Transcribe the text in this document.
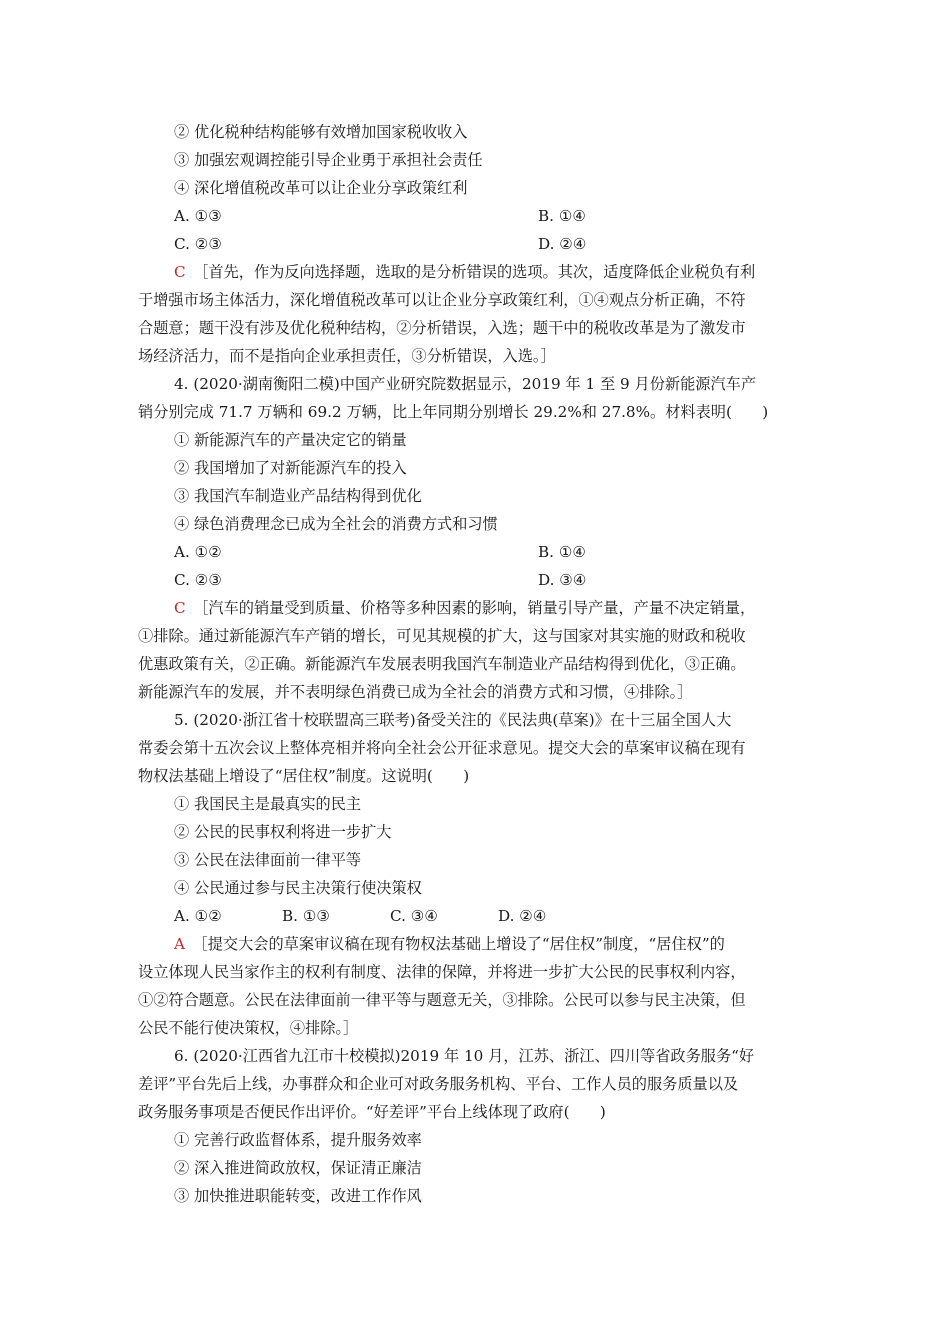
② 优化税种结构能够有效增加国家税收收入
③ 加强宏观调控能引导企业勇于承担社会责任
④ 深化增值税改革可以让企业分享政策红利
A. ①③	B. ①④
C. ②③	D. ②④
C　 ［首先，作为反向选择题，选取的是分析错误的选项。其次，适度降低企业税负有利
于增强市场主体活力，深化增值税改革可以让企业分享政策红利，①④观点分析正确，不符
合题意；题干没有涉及优化税种结构，②分析错误，入选；题干中的税收改革是为了激发市
场经济活力，而不是指向企业承担责任，③分析错误，入选。］
4. (2020·湖南衡阳二模)中国产业研究院数据显示，2019 年 1 至 9 月份新能源汽车产
销分别完成 71.7 万辆和 69.2 万辆，比上年同期分别增长 29.2%和 27.8%。材料表明(　　)
① 新能源汽车的产量决定它的销量
② 我国增加了对新能源汽车的投入
③ 我国汽车制造业产品结构得到优化
④ 绿色消费理念已成为全社会的消费方式和习惯
A. ①②	B. ①④
C. ②③	D. ③④
C　 ［汽车的销量受到质量、价格等多种因素的影响，销量引导产量，产量不决定销量，
①排除。通过新能源汽车产销的增长，可见其规模的扩大，这与国家对其实施的财政和税收
优惠政策有关，②正确。新能源汽车发展表明我国汽车制造业产品结构得到优化，③正确。
新能源汽车的发展，并不表明绿色消费已成为全社会的消费方式和习惯，④排除。］
5. (2020·浙江省十校联盟高三联考)备受关注的《民法典(草案)》在十三届全国人大
常委会第十五次会议上整体亮相并将向全社会公开征求意见。提交大会的草案审议稿在现有
物权法基础上增设了“居住权”制度。这说明(　　)
① 我国民主是最真实的民主
② 公民的民事权利将进一步扩大
③ 公民在法律面前一律平等
④ 公民通过参与民主决策行使决策权
A. ①②	B. ①③	C. ③④	D. ②④
A　 ［提交大会的草案审议稿在现有物权法基础上增设了“居住权”制度，“居住权”的
设立体现人民当家作主的权利有制度、法律的保障，并将进一步扩大公民的民事权利内容，
①②符合题意。公民在法律面前一律平等与题意无关，③排除。公民可以参与民主决策，但
公民不能行使决策权，④排除。］
6. (2020·江西省九江市十校模拟)2019 年 10 月，江苏、浙江、四川等省政务服务“好
差评”平台先后上线，办事群众和企业可对政务服务机构、平台、工作人员的服务质量以及
政务服务事项是否便民作出评价。“好差评”平台上线体现了政府(　　)
① 完善行政监督体系，提升服务效率
② 深入推进简政放权，保证清正廉洁
③ 加快推进职能转变，改进工作作风
